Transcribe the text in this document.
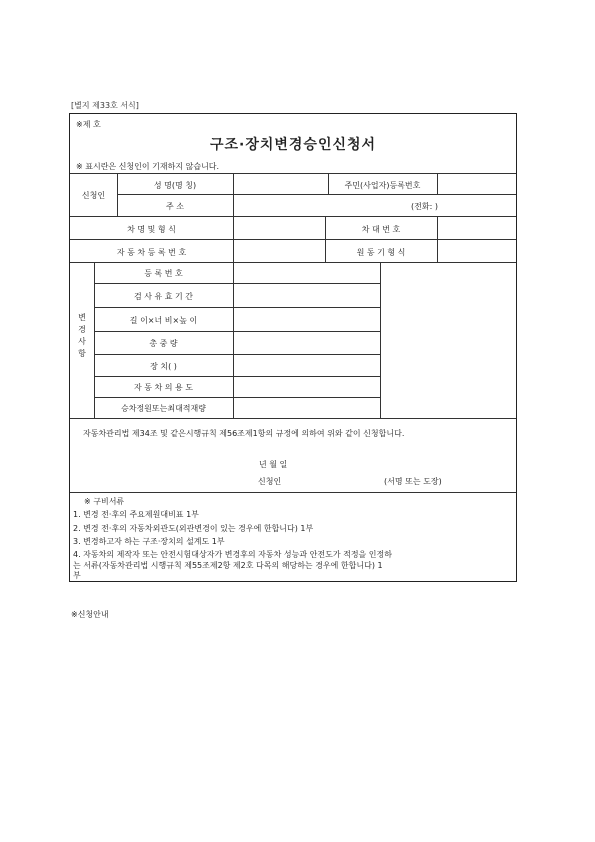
[별지 제33호 서식]
※제 호
구조·장치변경승인신청서
※ 표시란은 신청인이 기재하지 않습니다.
신청인
성 명(명 칭)	주민(사업자)등록번호
주 소	(전화: )
차 명 및 형 식	차 대 번 호
자 동 차 등 록 번 호	원 동 기 형 식
변
경
사
항
등 록 번 호
검 사 유 효 기 간
길 이×너 비×높 이
총 중 량
장 치( )
자 동 차 의 용 도
승차정원또는최대적재량
자동차관리법 제34조 및 같은시행규칙 제56조제1항의 규정에 의하여 위와 같이 신청합니다.
년 월 일
신청인	(서명 또는 도장)
※ 구비서류
1. 변경 전·후의 주요제원대비표 1부
2. 변경 전·후의 자동차외관도(외관변경이 있는 경우에 한합니다) 1부
3. 변경하고자 하는 구조·장치의 설계도 1부
4. 자동차의 제작자 또는 안전시험대상자가 변경후의 자동차 성능과 안전도가 적정을 인정하
는 서류(자동차관리법 시행규칙 제55조제2항 제2호 다목의 해당하는 경우에 한합니다) 1
부
※신청안내
